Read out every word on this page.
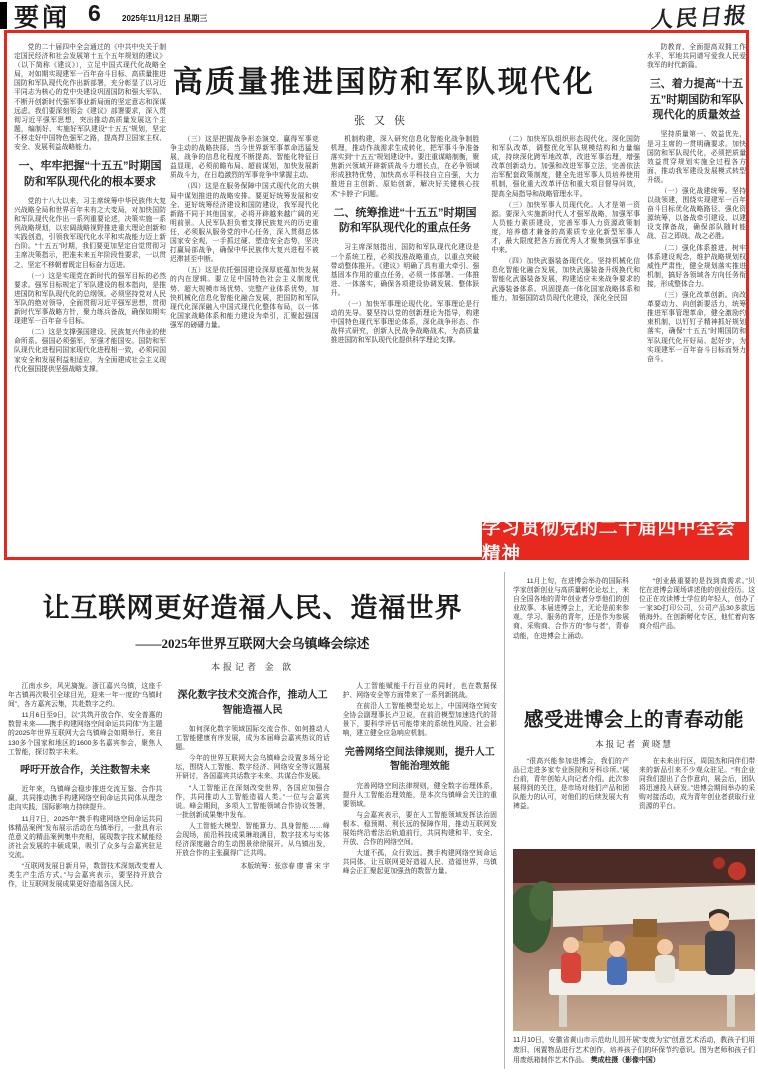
要闻 6	2025年11月12日 星期三	人民日报

党的二十届四中全会通过的《中共中央关于制定国民经济和社会发展第十五个五年规划的建议》（以下简称《建议》），立足中国式现代化战略全局，对如期实现建军一百年奋斗目标、高质量推进国防和军队现代化作出新部署，充分彰显了以习近平同志为核心的党中央建设巩固国防和强大军队、不断开创新时代强军事业新局面的坚定意志和深谋远虑。我们要深刻领会《建议》部署要求，深入贯彻习近平强军思想，突出推动高质量发展这个主题，编制好、实施好军队建设“十五五”规划，坚定不移走好中国特色强军之路，提高捍卫国家主权、安全、发展利益战略能力。

一、牢牢把握“十五五”时期国防和军队现代化的根本要求

党的十八大以来，习主席统筹中华民族伟大复兴战略全局和世界百年未有之大变局，对加快国防和军队现代化作出一系列重要论述，决策实施一系列战略规划，以宏阔战略视野推进重大理论创新和实践创造，引领我军现代化水平和实战能力迈上新台阶。“十五五”时期，我们要更加坚定自觉贯彻习主席决策指示，把准未来五年阶段性要求，一以贯之、坚定不移朝着既定目标奋力迈进。

（一）这是实现党在新时代的强军目标的必然要求。强军目标规定了军队建设的根本指向，是推进国防和军队现代化的总纲领。必须坚持党对人民军队的绝对领导，全面贯彻习近平强军思想，贯彻新时代军事战略方针，聚力练兵备战，确保如期实现建军一百年奋斗目标。

（二）这是支撑强国建设、民族复兴伟业的使命所系。强国必须强军，军强才能国安。国防和军队现代化进程同国家现代化进程相一致，必须同国家安全和发展利益相适应，为全面建成社会主义现代化强国提供坚强战略支撑。

高质量推进国防和军队现代化
张又侠

（三）这是把握战争形态演变、赢得军事竞争主动的战略抉择。当今世界新军事革命迅猛发展，战争的信息化程度不断提高、智能化特征日益显现，必须前瞻布局、超前谋划，加快发展新质战斗力，在日趋激烈的军事竞争中掌握主动。

（四）这是在服务保障中国式现代化的大棋局中谋划推进的战略安排。要更好统筹发展和安全、更好统筹经济建设和国防建设，我军现代化新路不同于其他国家，必将开辟越来越广阔的光明前景。人民军队担负着支撑民族复兴的历史重任，必须服从服务党的中心任务，深入贯彻总体国家安全观，一手抓过硬、塑造安全态势，坚决打赢局部战争，确保中华民族伟大复兴进程不被迟滞甚至中断。

（五）这是依托强国建设深厚底蕴加快发展的内在逻辑。要立足中国特色社会主义制度优势、超大规模市场优势、完整产业体系优势，加快机械化信息化智能化融合发展，把国防和军队现代化深深融入中国式现代化整体布局，以一体化国家战略体系和能力建设为牵引，汇聚起强国强军的磅礴力量。

机制构建，深入研究信息化智能化战争制胜机理，推动作战需求生成转化，把军事斗争准备落实到“十五五”规划建设中。要注重谋略制衡，聚焦新兴领域开辟新质战斗力增长点，在必争领域形成独特优势，加快高水平科技自立自强，大力推进自主创新、原始创新，解决好关键核心技术“卡脖子”问题。

二、统筹推进“十五五”时期国防和军队现代化的重点任务

习主席深刻指出，国防和军队现代化建设是一个系统工程，必须找准战略重点，以重点突破带动整体推开。《建议》明确了具有重大牵引、强基固本作用的重点任务，必须一体部署、一体推进、一体落实，确保各项建设协调发展、整体跃升。

（一）加快军事理论现代化。军事理论是行动的先导。要坚持以党的创新理论为指导，构建中国特色现代军事理论体系，深化战争形态、作战样式研究，创新人民战争战略战术，为高质量推进国防和军队现代化提供科学理论支撑。

（二）加快军队组织形态现代化。深化国防和军队改革，调整优化军队规模结构和力量编成，持续深化跨军地改革，改进军事治理，增强改革创新动力。加强和改进军事立法，完善依法治军配套政策制度，健全先进军事人员培养使用机制，强化重大改革评估和重大项目督导问效，提高全局指导和战略管理水平。

（三）加快军事人员现代化。人才是第一资源。要深入实施新时代人才强军战略，加强军事人员能力素质建设，完善军事人力资源政策制度，培养德才兼备的高素质专业化新型军事人才，最大限度把各方面优秀人才聚集到强军事业中来。

（四）加快武器装备现代化。坚持机械化信息化智能化融合发展，加快武器装备升级换代和智能化武器装备发展，构建适应未来战争要求的武器装备体系。巩固提高一体化国家战略体系和能力，加强国防动员现代化建设，深化全民国

防教育、全面提高双拥工作水平，军地共同谱写爱我人民爱我军的时代新篇。

三、着力提高“十五五”时期国防和军队现代化的质量效益

坚持质量第一、效益优先，是习主席的一贯明确要求。加快国防和军队现代化，必须把质量效益贯穿规划实施全过程各方面，推动我军建设发展模式转型升级。

（一）强化战建统筹。坚持以战领建，围绕实现建军一百年奋斗目标优化战略路径、强化资源统筹，以备战牵引建设、以建设支撑备战，确保部队随时能战、召之即战、战之必胜。

（二）强化体系推进。树牢体系建设观念，维护战略规划权威性严肃性，健全规划落实推进机制，搞好各领域各方向任务衔接，形成整体合力。

（三）强化改革创新。向改革要动力、向创新要活力，统筹推进军事管理革命，健全激励约束机制，以钉钉子精神抓好规划落实，确保“十五五”时期国防和军队现代化开好局、起好步，为实现建军一百年奋斗目标而努力奋斗。

学习贯彻党的二十届四中全会精神
让互联网更好造福人民、造福世界
——2025年世界互联网大会乌镇峰会综述
本报记者 金 歆

江南水乡，风光旖旎。浙江嘉兴乌镇，这座千年古镇再次吸引全球目光，迎来一年一度的“乌镇时间”，各方嘉宾云集，共赴数字之约。

11月6日至9日，以“共筑开放合作、安全普惠的数智未来——携手构建网络空间命运共同体”为主题的2025年世界互联网大会乌镇峰会如期举行。来自130多个国家和地区的1600多名嘉宾参会，聚焦人工智能，探讨数字未来。

呼吁开放合作，关注数智未来

近年来，乌镇峰会稳步推进交流互鉴、合作共赢，共同推动携手构建网络空间命运共同体从理念走向实践，国际影响力持续提升。

11月7日，2025年“携手构建网络空间命运共同体精品案例”发布展示活动在乌镇举行，一批具有示范意义的精品案例集中亮相，展现数字技术赋能经济社会发展的丰硕成果，吸引了众多与会嘉宾驻足交流。

“互联网发展日新月异，数智技术深刻改变着人类生产生活方式。”与会嘉宾表示，要坚持开放合作，让互联网发展成果更好造福各国人民。

深化数字技术交流合作，推动人工智能造福人民

如何深化数字领域国际交流合作、如何推动人工智能健康有序发展，成为本届峰会嘉宾热议的话题。

今年的世界互联网大会乌镇峰会设置多场分论坛，围绕人工智能、数字经济、网络安全等议题展开研讨，各国嘉宾共话数字未来、共谋合作发展。

“人工智能正在深刻改变世界，各国应加强合作，共同推动人工智能造福人类。”一位与会嘉宾说。峰会期间，多项人工智能领域合作协议签署，一批创新成果集中发布。

人工智能大模型、智能算力、具身智能……峰会现场，前沿科技成果琳琅满目，数字技术与实体经济深度融合的生动图景徐徐展开。从乌镇出发，开放合作的主张赢得广泛共鸣。

本版统筹：张彦春 廖 睿 宋 宇

人工智能赋能千行百业的同时，也在数据保护、网络安全等方面带来了一系列新挑战。

在前沿人工智能模型论坛上，中国网络空间安全协会副理事长卢卫说，在前沿模型加速迭代的背景下，要科学评估可能带来的系统性风险、社会影响，建立健全应急响应机制。

完善网络空间法律规则，提升人工智能治理效能

完善网络空间法律规则，健全数字治理体系，提升人工智能治理效能，是本次乌镇峰会关注的重要领域。

与会嘉宾表示，要在人工智能领域发挥法治固根本、稳预期、利长远的保障作用，推动互联网发展始终沿着法治轨道前行，共同构建和平、安全、开放、合作的网络空间。

大道不孤，众行致远。携手构建网络空间命运共同体，让互联网更好造福人民、造福世界，乌镇峰会正汇聚起更加强劲的数智力量。

11月上旬，在进博会举办的国际科学家创新创业与高质量孵化论坛上，来自全国各地的青年创业者分享他们的创业故事。本届进博会上，无论是前来参观、学习、服务的青年，还是作为参展商、采购商、合作方的“参与者”，青春动能，在进博会上涌动。

“创业最重要的是找到真需求。”贝佗在进博会现场讲述他的创业经历。这位正在攻读博士学位的年轻人，创办了一家3D打印公司，公司产品30多款远销海外。在创新孵化专区，他忙着向客商介绍产品。

感受进博会上的青春动能
本报记者 黄晓慧

“很高兴能参加进博会，我们的产品已走进多家专业医院和牙科诊所。”展台前，青年创始人向记者介绍。此次参展得到的关注，是市场对他们产品和团队能力的认可，对他们的后续发展大有裨益。

在未来出行区，周国杰和同伴们带来的新品引来不少观众驻足。“有企业同我们提出了合作意向，展会后，团队将迅速投入研发。”进博会期间举办的采购对接活动，成为青年创业者获取行业资源的平台。

11月10日，安徽省黄山市示范幼儿园开展“变废为宝”创意艺术活动，教孩子们用废旧、闲置物品进行艺术创作，培养孩子们的环保节约意识。图为老师和孩子们用废纸箱制作艺术作品。 樊成柱摄（影像中国）
